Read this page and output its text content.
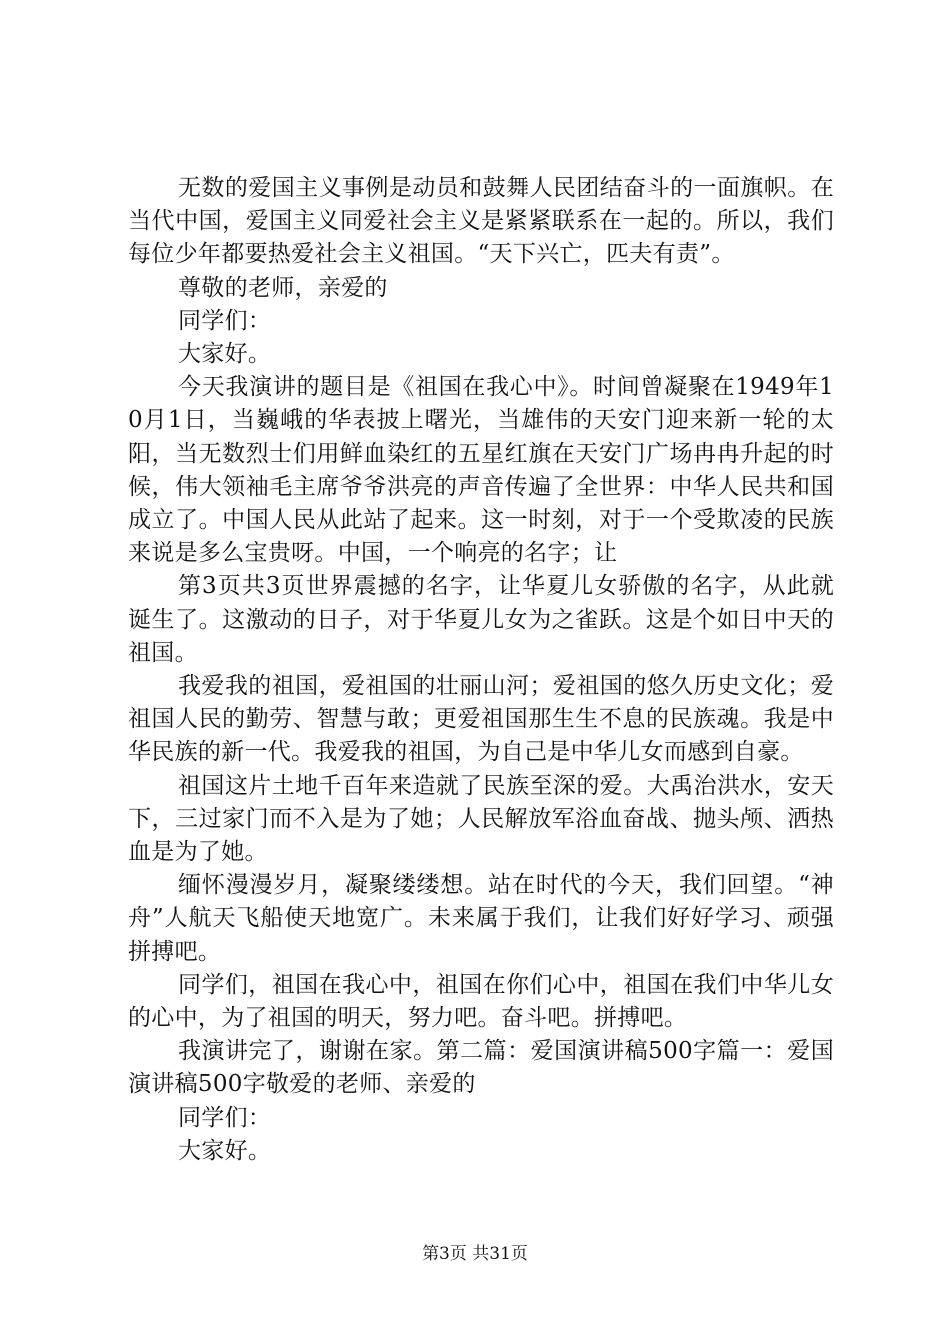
无数的爱国主义事例是动员和鼓舞人民团结奋斗的一面旗帜。在当代中国，爱国主义同爱社会主义是紧紧联系在一起的。所以，我们每位少年都要热爱社会主义祖国。“天下兴亡，匹夫有责”。

尊敬的老师，亲爱的

同学们：

大家好。

今天我演讲的题目是《祖国在我心中》。时间曾凝聚在1949年10月1日，当巍峨的华表披上曙光，当雄伟的天安门迎来新一轮的太阳，当无数烈士们用鲜血染红的五星红旗在天安门广场冉冉升起的时候，伟大领袖毛主席爷爷洪亮的声音传遍了全世界：中华人民共和国成立了。中国人民从此站了起来。这一时刻，对于一个受欺凌的民族来说是多么宝贵呀。中国，一个响亮的名字；让

第3页共3页世界震撼的名字，让华夏儿女骄傲的名字，从此就诞生了。这激动的日子，对于华夏儿女为之雀跃。这是个如日中天的祖国。

我爱我的祖国，爱祖国的壮丽山河；爱祖国的悠久历史文化；爱祖国人民的勤劳、智慧与敢；更爱祖国那生生不息的民族魂。我是中华民族的新一代。我爱我的祖国，为自己是中华儿女而感到自豪。

祖国这片土地千百年来造就了民族至深的爱。大禹治洪水，安天下，三过家门而不入是为了她；人民解放军浴血奋战、抛头颅、洒热血是为了她。

缅怀漫漫岁月，凝聚缕缕想。站在时代的今天，我们回望。“神舟”人航天飞船使天地宽广。未来属于我们，让我们好好学习、顽强拼搏吧。

同学们，祖国在我心中，祖国在你们心中，祖国在我们中华儿女的心中，为了祖国的明天，努力吧。奋斗吧。拼搏吧。

我演讲完了，谢谢在家。第二篇：爱国演讲稿500字篇一：爱国演讲稿500字敬爱的老师、亲爱的

同学们：

大家好。

第3页 共31页
